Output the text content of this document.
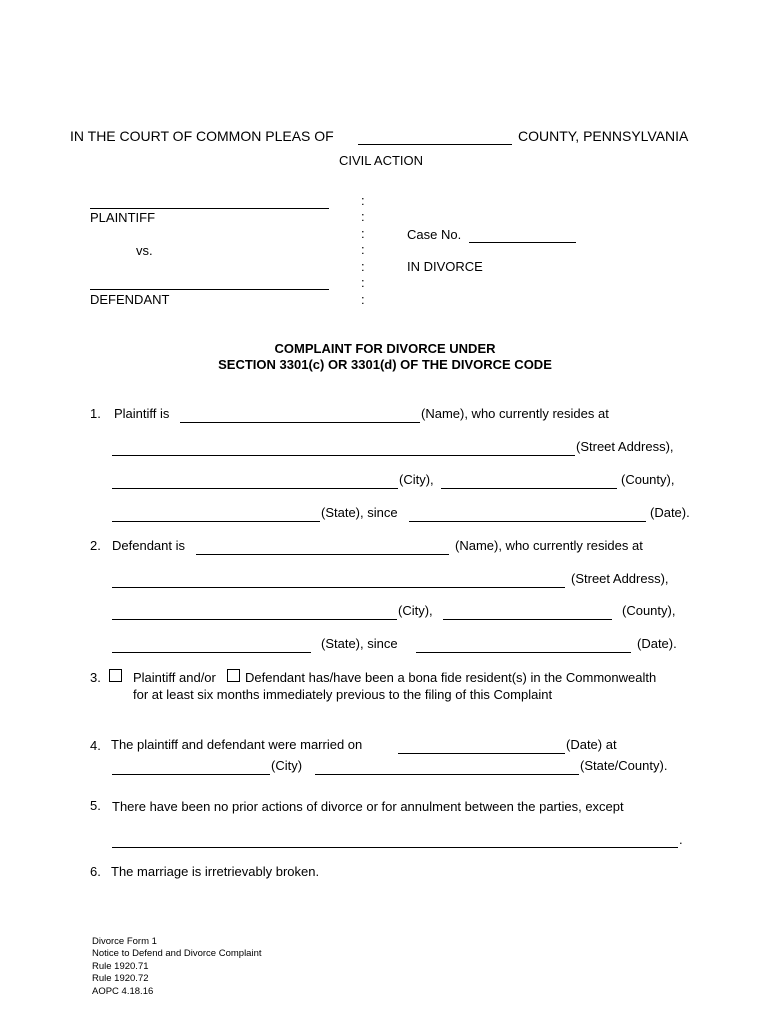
IN THE COURT OF COMMON PLEAS OF	COUNTY, PENNSYLVANIA
CIVIL ACTION
PLAINTIFF
vs.
DEFENDANT
:
:
:
:
:
:
:
Case No.
IN DIVORCE
COMPLAINT FOR DIVORCE UNDER
SECTION 3301(c) OR 3301(d) OF THE DIVORCE CODE
1. Plaintiff is	(Name), who currently resides at
(Street Address),
(City),	(County),
(State), since	(Date).
2. Defendant is	(Name), who currently resides at
(Street Address),
(City),	(County),
(State), since	(Date).
3. Plaintiff and/or Defendant has/have been a bona fide resident(s) in the Commonwealth
for at least six months immediately previous to the filing of this Complaint
4. The plaintiff and defendant were married on	(Date) at
(City)	(State/County).
5. There have been no prior actions of divorce or for annulment between the parties, except
.
6. The marriage is irretrievably broken.
Divorce Form 1
Notice to Defend and Divorce Complaint
Rule 1920.71
Rule 1920.72
AOPC 4.18.16
